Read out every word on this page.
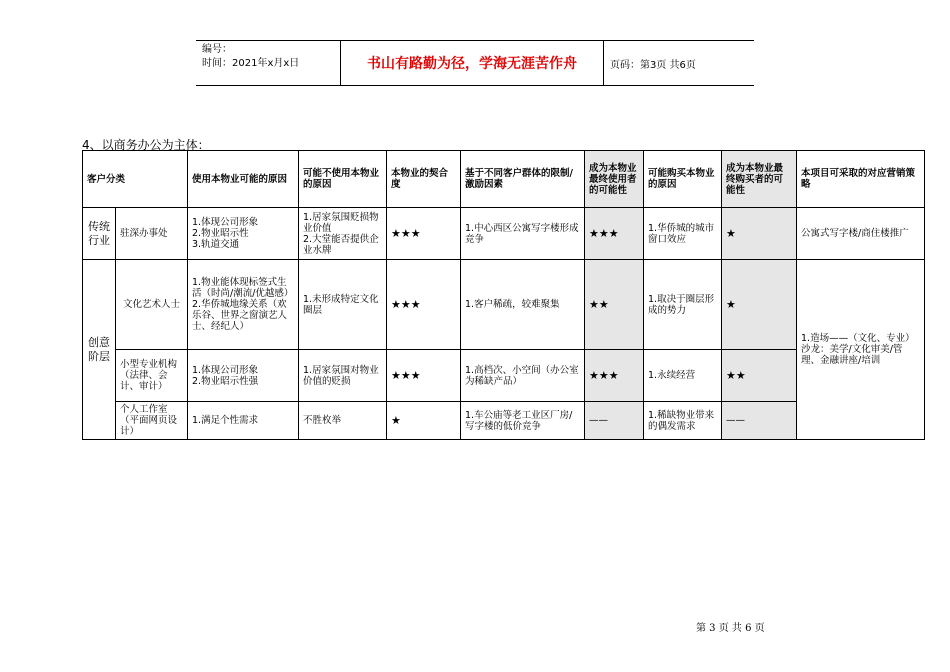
编号：
时间：2021年x月x日	书山有路勤为径，学海无涯苦作舟	页码：第3页 共6页
4、以商务办公为主体：
客户分类		使用本物业可能的原因	可能不使用本物业的原因	本物业的契合度	基于不同客户群体的限制/激励因素	成为本物业最终使用者的可能性	可能购买本物业的原因	成为本物业最终购买者的可能性	本项目可采取的对应营销策略
传统行业	驻深办事处	1.体现公司形象
2.物业昭示性
3.轨道交通	1.居家氛围贬损物业价值
2.大堂能否提供企业水牌	★★★	1.中心西区公寓写字楼形成竞争	★★★	1.华侨城的城市窗口效应	★	公寓式写字楼/商住楼推广
创意阶层	文化艺术人士	1.物业能体现标签式生活（时尚/潮流/优越感）
2.华侨城地缘关系（欢乐谷、世界之窗演艺人士、经纪人）	1.未形成特定文化圈层	★★★	1.客户稀疏，较难聚集	★★	1.取决于圈层形成的势力	★	1.造场——（文化、专业）沙龙：美学/文化审美/管理、金融讲座/培训
	小型专业机构（法律、会计、审计）	1.体现公司形象
2.物业昭示性强	1.居家氛围对物业价值的贬损	★★★	1.高档次、小空间（办公室为稀缺产品）	★★★	1.永续经营	★★	
	个人工作室（平面网页设计）	1.满足个性需求	不胜枚举	★	1.车公庙等老工业区厂房/写字楼的低价竞争	——	1.稀缺物业带来的偶发需求	——	
第 3 页 共 6 页
